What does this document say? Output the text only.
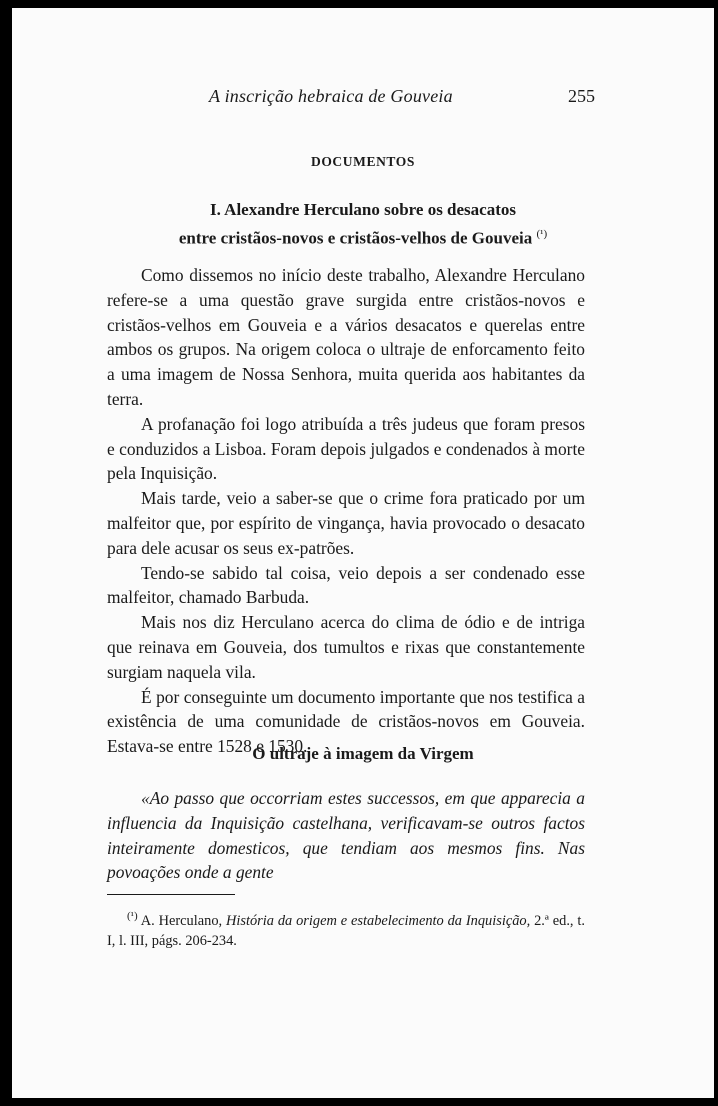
A inscrição hebraica de Gouveia	255
DOCUMENTOS
I. Alexandre Herculano sobre os desacatos
entre cristãos-novos e cristãos-velhos de Gouveia $^{(^1)}$

Como dissemos no início deste trabalho, Alexandre Herculano refere-se a uma questão grave surgida entre cristãos-novos e cristãos-velhos em Gouveia e a vários desacatos e querelas entre ambos os grupos. Na origem coloca o ultraje de enforcamento feito a uma imagem de Nossa Senhora, muita querida aos habitantes da terra.

A profanação foi logo atribuída a três judeus que foram presos e conduzidos a Lisboa. Foram depois julgados e condenados à morte pela Inquisição.

Mais tarde, veio a saber-se que o crime fora praticado por um malfeitor que, por espírito de vingança, havia provocado o desacato para dele acusar os seus ex-patrões.

Tendo-se sabido tal coisa, veio depois a ser condenado esse malfeitor, chamado Barbuda.

Mais nos diz Herculano acerca do clima de ódio e de intriga que reinava em Gouveia, dos tumultos e rixas que constantemente surgiam naquela vila.

É por conseguinte um documento importante que nos testifica a existência de uma comunidade de cristãos-novos em Gouveia. Estava-se entre 1528 e 1530.

O ultraje à imagem da Virgem

«Ao passo que occorriam estes successos, em que apparecia a influencia da Inquisição castelhana, verificavam-se outros factos inteiramente domesticos, que tendiam aos mesmos fins. Nas povoações onde a gente

$^{(^1)}$ A. Herculano, História da origem e estabelecimento da Inquisição, 2.ª ed., t. I, l. III, págs. 206-234.
